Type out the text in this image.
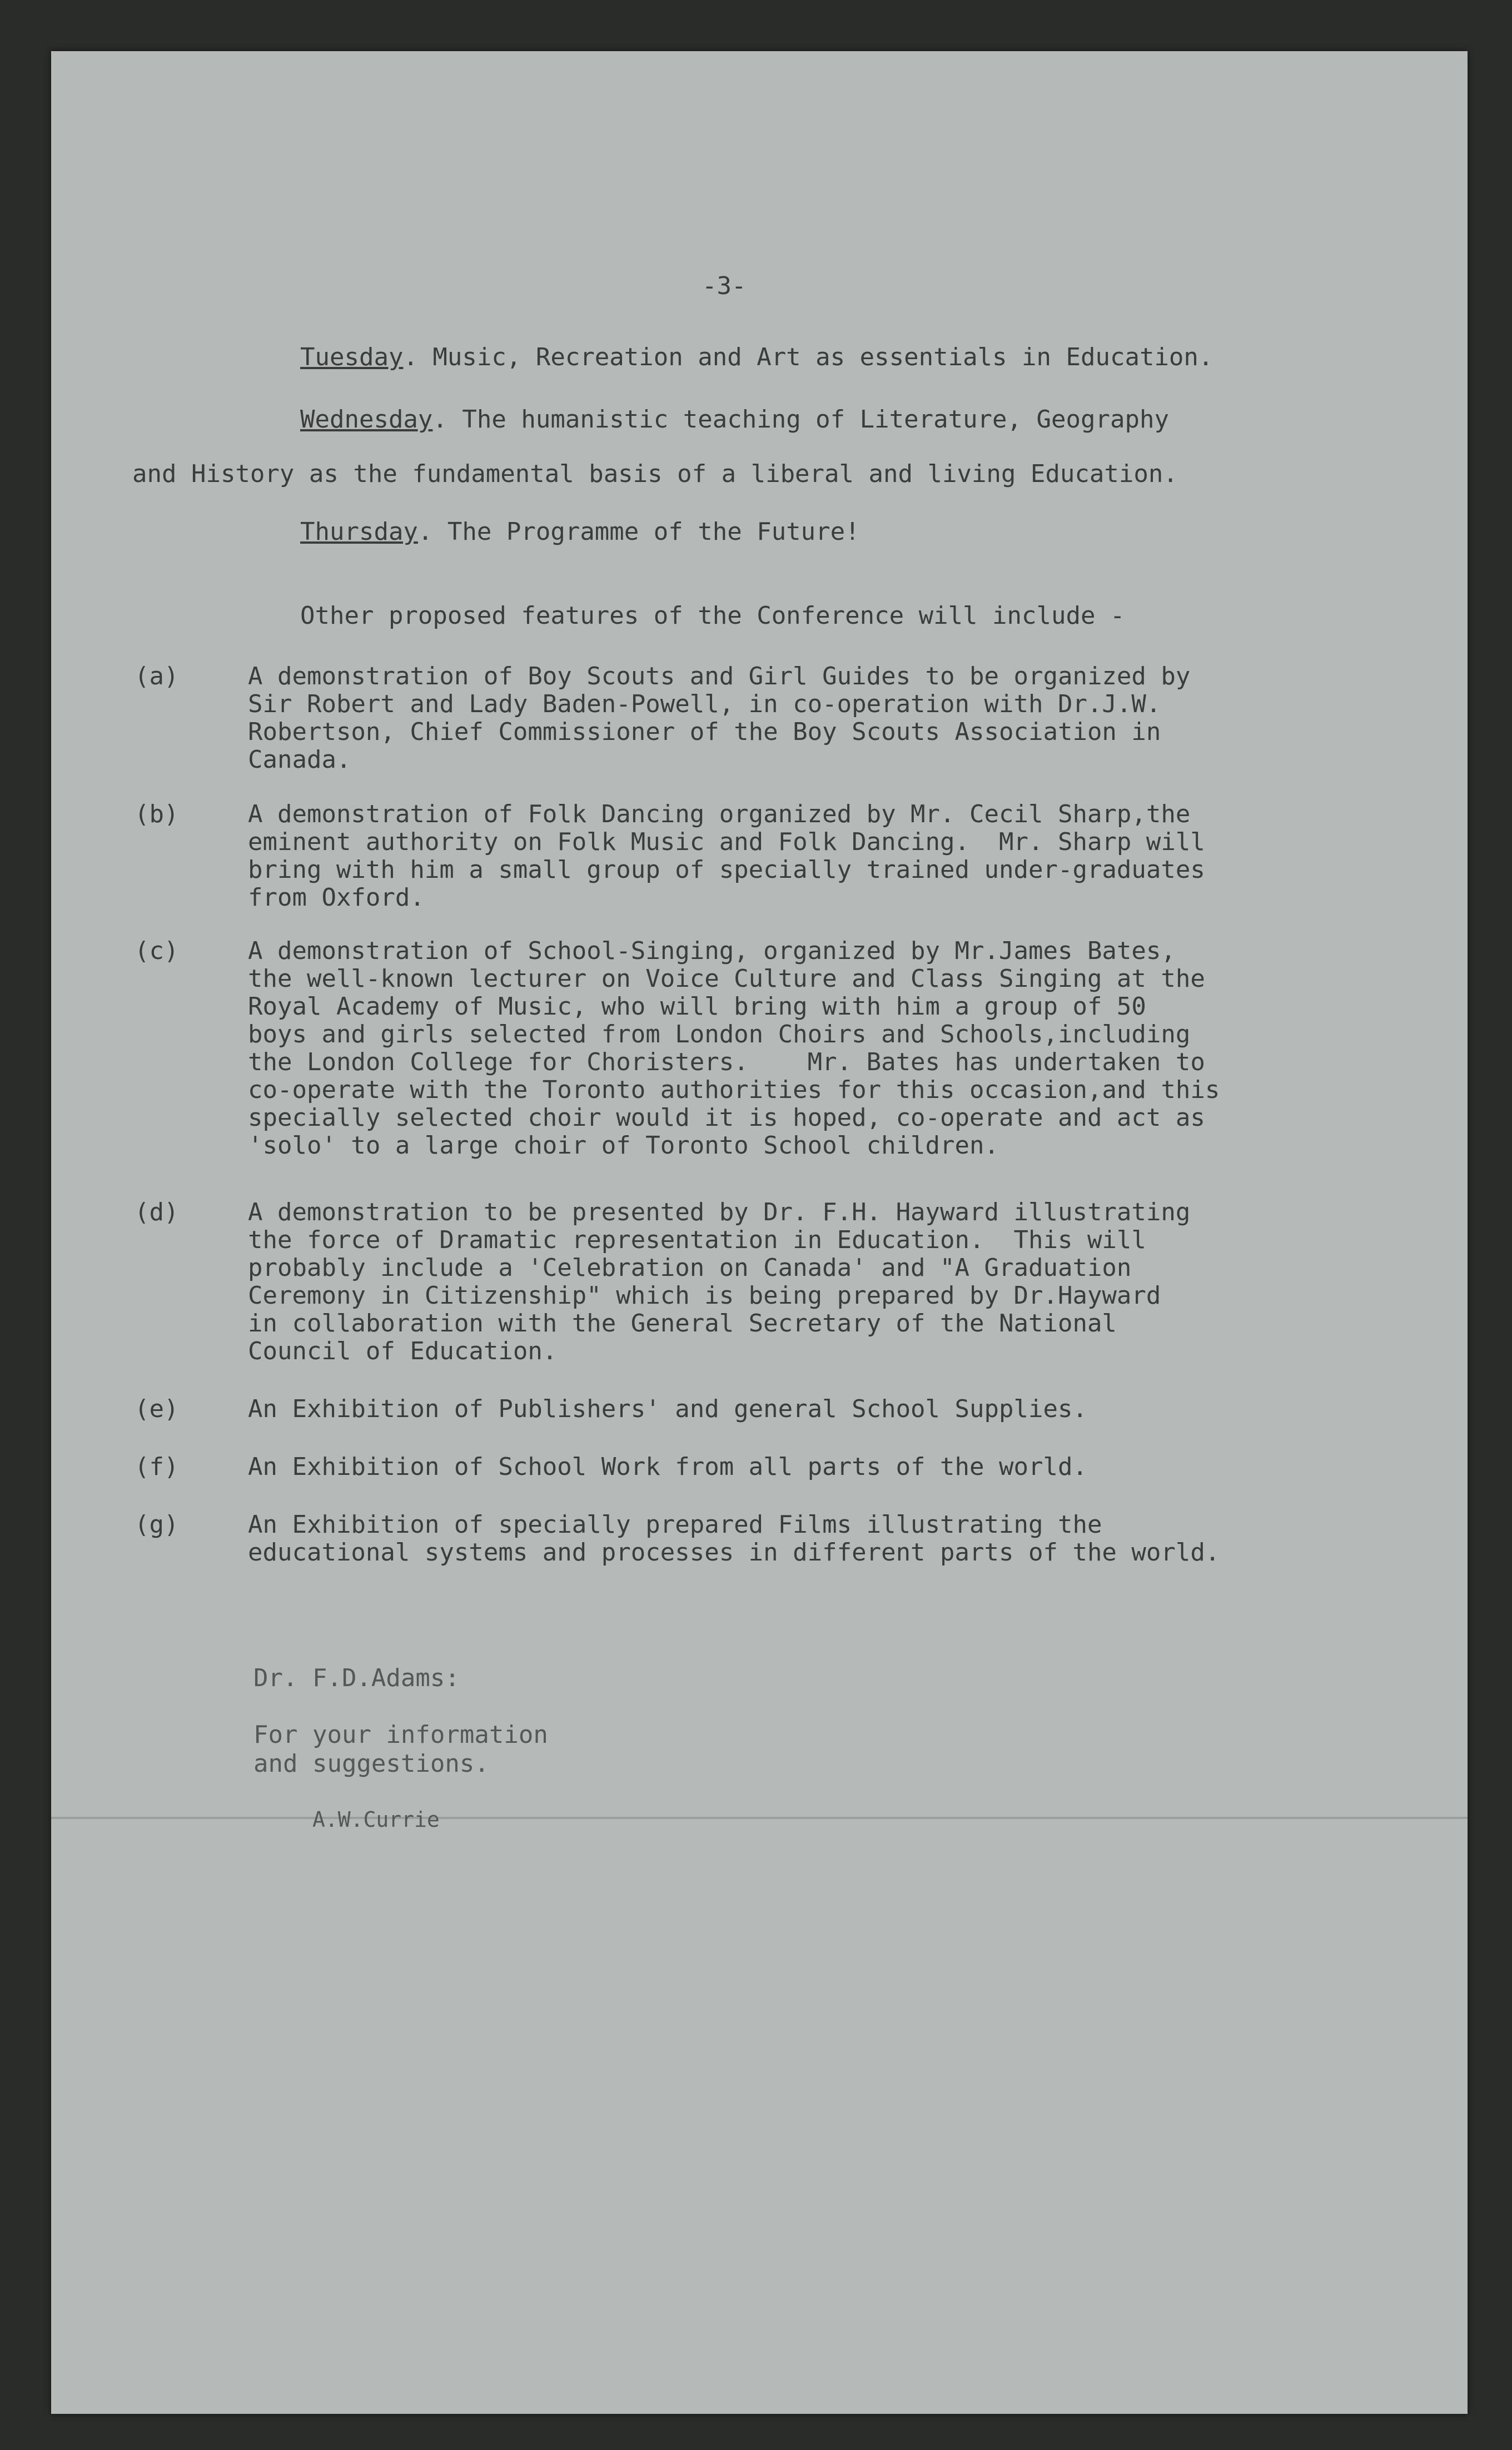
-3-

Tuesday. Music, Recreation and Art as essentials in Education.

Wednesday. The humanistic teaching of Literature, Geography

and History as the fundamental basis of a liberal and living Education.

Thursday. The Programme of the Future!

Other proposed features of the Conference will include -

(a)	A demonstration of Boy Scouts and Girl Guides to be organized by
Sir Robert and Lady Baden-Powell, in co-operation with Dr.J.W.
Robertson, Chief Commissioner of the Boy Scouts Association in
Canada.

(b)	A demonstration of Folk Dancing organized by Mr. Cecil Sharp,the
eminent authority on Folk Music and Folk Dancing.  Mr. Sharp will
bring with him a small group of specially trained under-graduates
from Oxford.

(c)	A demonstration of School-Singing, organized by Mr.James Bates,
the well-known lecturer on Voice Culture and Class Singing at the
Royal Academy of Music, who will bring with him a group of 50
boys and girls selected from London Choirs and Schools,including
the London College for Choristers.    Mr. Bates has undertaken to
co-operate with the Toronto authorities for this occasion,and this
specially selected choir would it is hoped, co-operate and act as
'solo' to a large choir of Toronto School children.

(d)	A demonstration to be presented by Dr. F.H. Hayward illustrating
the force of Dramatic representation in Education.  This will
probably include a 'Celebration on Canada' and "A Graduation
Ceremony in Citizenship" which is being prepared by Dr.Hayward
in collaboration with the General Secretary of the National
Council of Education.

(e)	An Exhibition of Publishers' and general School Supplies.

(f)	An Exhibition of School Work from all parts of the world.

(g)	An Exhibition of specially prepared Films illustrating the
educational systems and processes in different parts of the world.

Dr. F.D.Adams:

For your information

and suggestions.

A.W.Currie
